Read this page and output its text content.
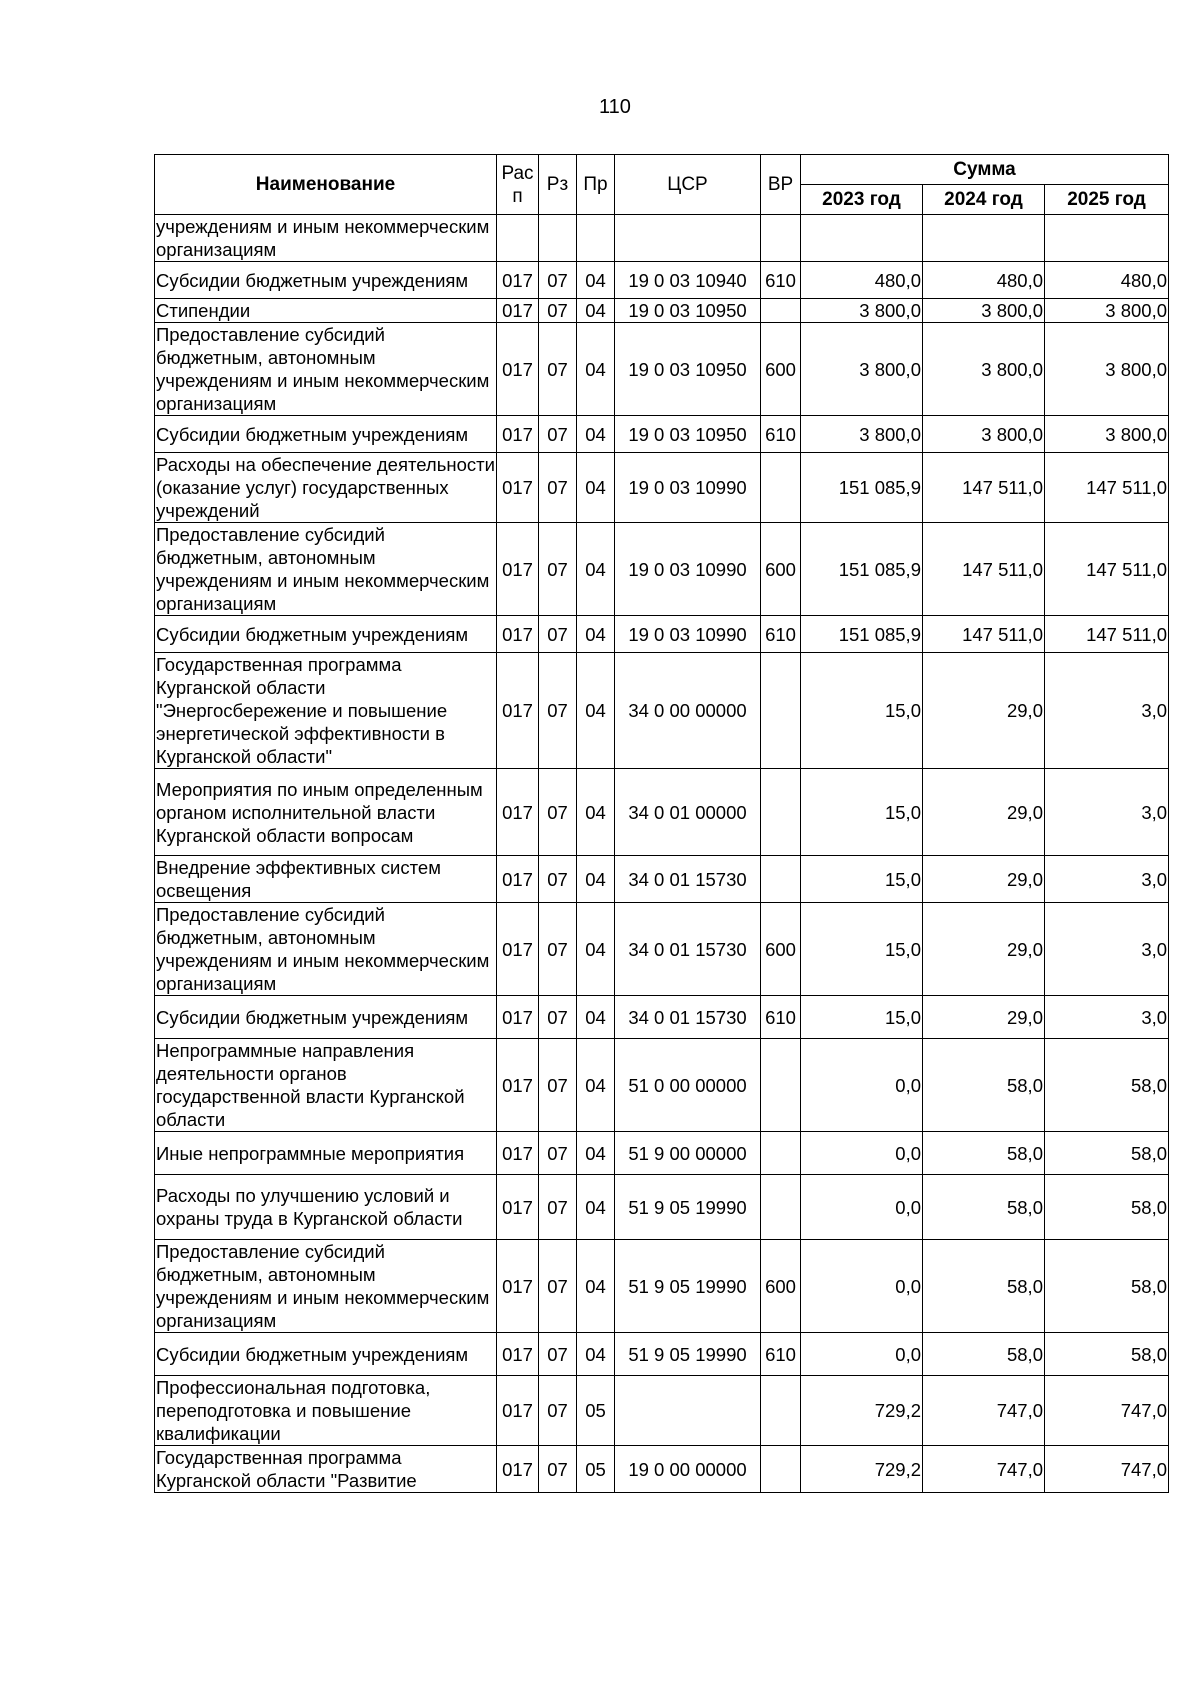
110
Наименование	Рас п	Рз	Пр	ЦСР	ВР	Сумма		
						2023 год	2024 год	2025 год
учреждениям и иным некоммерческим организациям								
Субсидии бюджетным учреждениям	017	07	04	19 0 03 10940	610	480,0	480,0	480,0
Стипендии	017	07	04	19 0 03 10950		3 800,0	3 800,0	3 800,0
Предоставление субсидий бюджетным, автономным учреждениям и иным некоммерческим организациям	017	07	04	19 0 03 10950	600	3 800,0	3 800,0	3 800,0
Субсидии бюджетным учреждениям	017	07	04	19 0 03 10950	610	3 800,0	3 800,0	3 800,0
Расходы на обеспечение деятельности (оказание услуг) государственных учреждений	017	07	04	19 0 03 10990		151 085,9	147 511,0	147 511,0
Предоставление субсидий бюджетным, автономным учреждениям и иным некоммерческим организациям	017	07	04	19 0 03 10990	600	151 085,9	147 511,0	147 511,0
Субсидии бюджетным учреждениям	017	07	04	19 0 03 10990	610	151 085,9	147 511,0	147 511,0
Государственная программа Курганской области "Энергосбережение и повышение энергетической эффективности в Курганской области"	017	07	04	34 0 00 00000		15,0	29,0	3,0
Мероприятия по иным определенным органом исполнительной власти Курганской области вопросам	017	07	04	34 0 01 00000		15,0	29,0	3,0
Внедрение эффективных систем освещения	017	07	04	34 0 01 15730		15,0	29,0	3,0
Предоставление субсидий бюджетным, автономным учреждениям и иным некоммерческим организациям	017	07	04	34 0 01 15730	600	15,0	29,0	3,0
Субсидии бюджетным учреждениям	017	07	04	34 0 01 15730	610	15,0	29,0	3,0
Непрограммные направления деятельности органов государственной власти Курганской области	017	07	04	51 0 00 00000		0,0	58,0	58,0
Иные непрограммные мероприятия	017	07	04	51 9 00 00000		0,0	58,0	58,0
Расходы по улучшению условий и охраны труда в Курганской области	017	07	04	51 9 05 19990		0,0	58,0	58,0
Предоставление субсидий бюджетным, автономным учреждениям и иным некоммерческим организациям	017	07	04	51 9 05 19990	600	0,0	58,0	58,0
Субсидии бюджетным учреждениям	017	07	04	51 9 05 19990	610	0,0	58,0	58,0
Профессиональная подготовка, переподготовка и повышение квалификации	017	07	05			729,2	747,0	747,0
Государственная программа Курганской области "Развитие	017	07	05	19 0 00 00000		729,2	747,0	747,0
